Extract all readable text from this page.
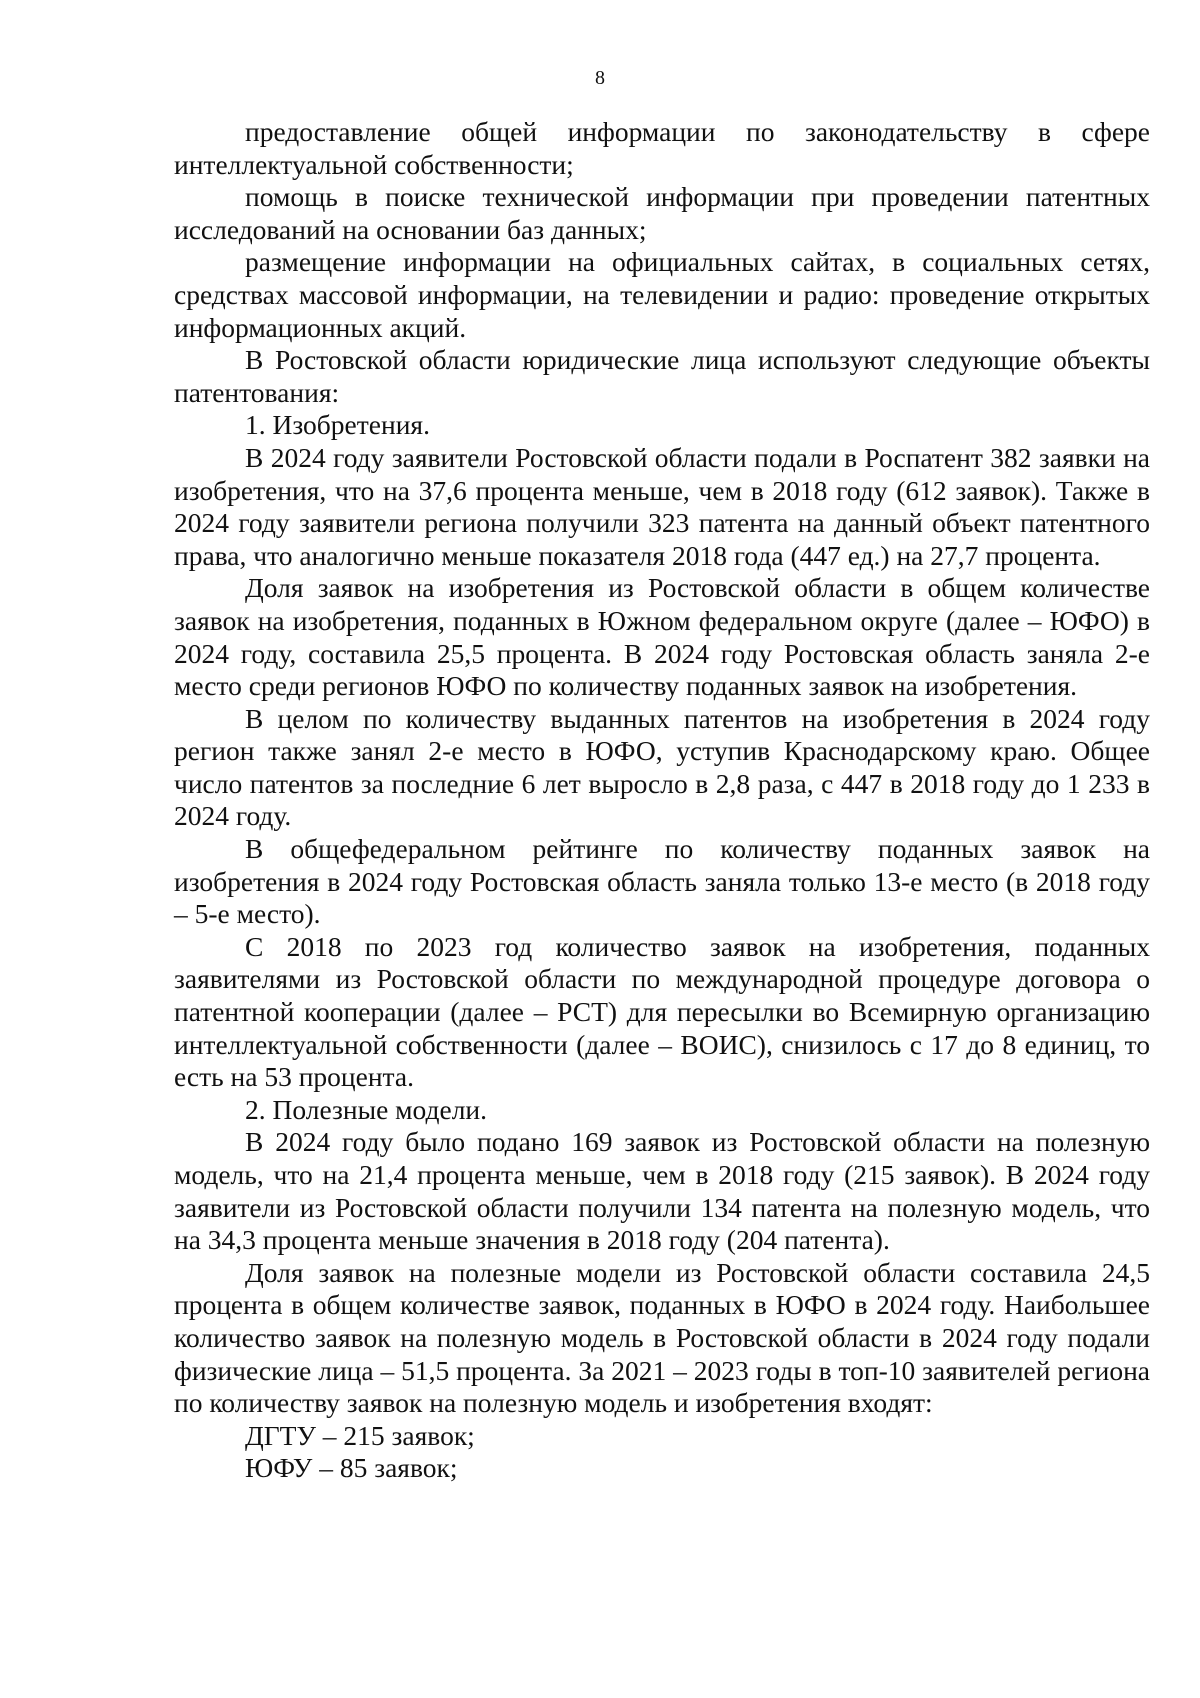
8

предоставление общей информации по законодательству в сфере интеллектуальной собственности;

помощь в поиске технической информации при проведении патентных исследований на основании баз данных;

размещение информации на официальных сайтах, в социальных сетях, средствах массовой информации, на телевидении и радио: проведение открытых информационных акций.

В Ростовской области юридические лица используют следующие объекты патентования:

1. Изобретения.

В 2024 году заявители Ростовской области подали в Роспатент 382 заявки на изобретения, что на 37,6 процента меньше, чем в 2018 году (612 заявок). Также в 2024 году заявители региона получили 323 патента на данный объект патентного права, что аналогично меньше показателя 2018 года (447 ед.) на 27,7 процента.

Доля заявок на изобретения из Ростовской области в общем количестве заявок на изобретения, поданных в Южном федеральном округе (далее – ЮФО) в 2024 году, составила 25,5 процента. В 2024 году Ростовская область заняла 2-е место среди регионов ЮФО по количеству поданных заявок на изобретения.

В целом по количеству выданных патентов на изобретения в 2024 году регион также занял 2-е место в ЮФО, уступив Краснодарскому краю. Общее число патентов за последние 6 лет выросло в 2,8 раза, с 447 в 2018 году до 1 233 в 2024 году.

В общефедеральном рейтинге по количеству поданных заявок на изобретения в 2024 году Ростовская область заняла только 13-е место (в 2018 году – 5-е место).

С 2018 по 2023 год количество заявок на изобретения, поданных заявителями из Ростовской области по международной процедуре договора о патентной кооперации (далее – РСТ) для пересылки во Всемирную организацию интеллектуальной собственности (далее – ВОИС), снизилось с 17 до 8 единиц, то есть на 53 процента.

2. Полезные модели.

В 2024 году было подано 169 заявок из Ростовской области на полезную модель, что на 21,4 процента меньше, чем в 2018 году (215 заявок). В 2024 году заявители из Ростовской области получили 134 патента на полезную модель, что на 34,3 процента меньше значения в 2018 году (204 патента).

Доля заявок на полезные модели из Ростовской области составила 24,5 процента в общем количестве заявок, поданных в ЮФО в 2024 году. Наибольшее количество заявок на полезную модель в Ростовской области в 2024 году подали физические лица – 51,5 процента. За 2021 – 2023 годы в топ-10 заявителей региона по количеству заявок на полезную модель и изобретения входят:

ДГТУ – 215 заявок;

ЮФУ – 85 заявок;
